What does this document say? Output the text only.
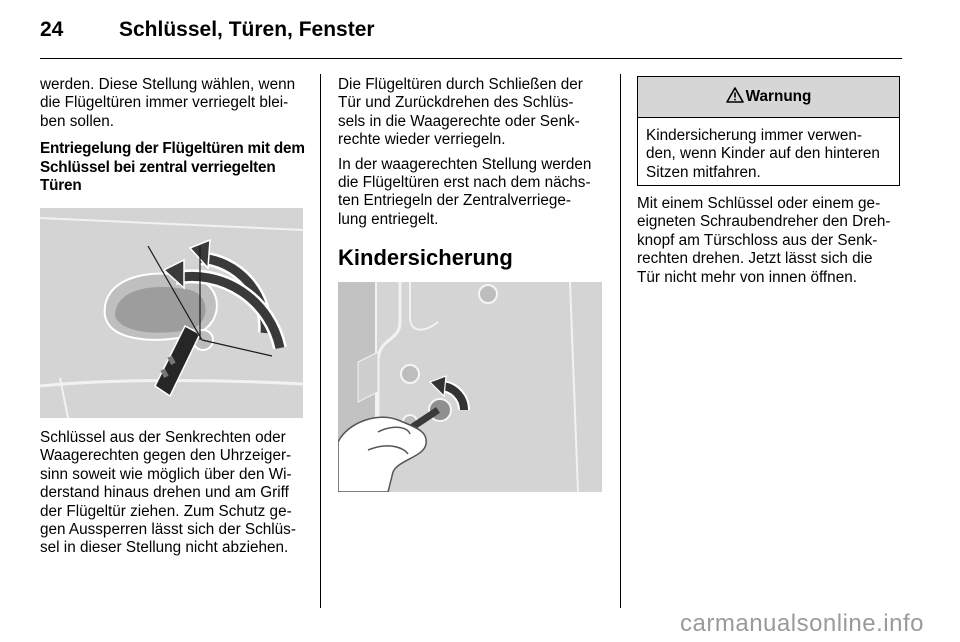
24	Schlüssel, Türen, Fenster

werden. Diese Stellung wählen, wenn
die Flügeltüren immer verriegelt blei-
ben sollen.

Entriegelung der Flügeltüren mit dem
Schlüssel bei zentral verriegelten
Türen

Schlüssel aus der Senkrechten oder
Waagerechten gegen den Uhrzeiger-
sinn soweit wie möglich über den Wi-
derstand hinaus drehen und am Griff
der Flügeltür ziehen. Zum Schutz ge-
gen Aussperren lässt sich der Schlüs-
sel in dieser Stellung nicht abziehen.

Die Flügeltüren durch Schließen der
Tür und Zurückdrehen des Schlüs-
sels in die Waagerechte oder Senk-
rechte wieder verriegeln.

In der waagerechten Stellung werden
die Flügeltüren erst nach dem nächs-
ten Entriegeln der Zentralverriege-
lung entriegelt.

Kindersicherung
Warnung
Kindersicherung immer verwen-
den, wenn Kinder auf den hinteren
Sitzen mitfahren.

Mit einem Schlüssel oder einem ge-
eigneten Schraubendreher den Dreh-
knopf am Türschloss aus der Senk-
rechten drehen. Jetzt lässt sich die
Tür nicht mehr von innen öffnen.

carmanualsonline.info
